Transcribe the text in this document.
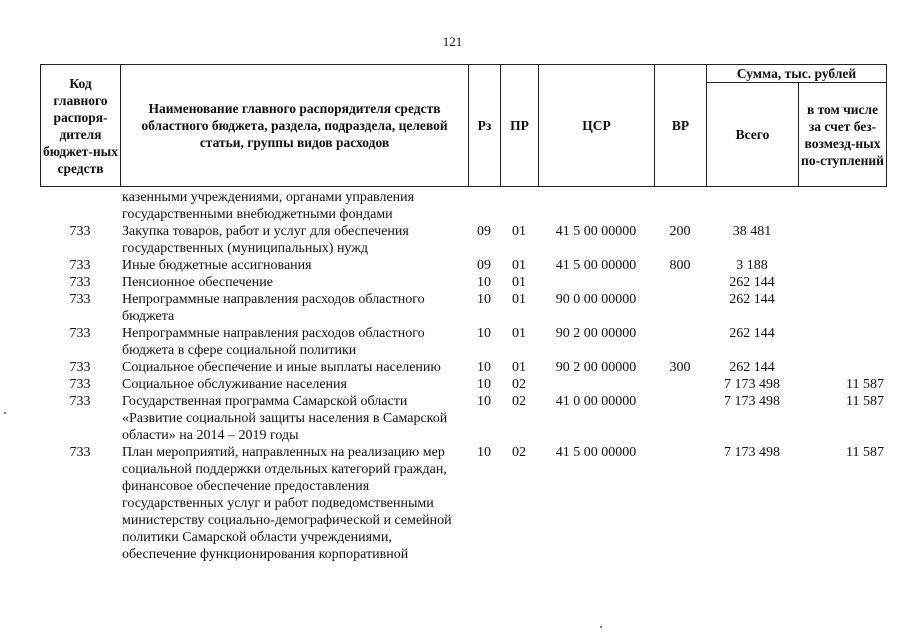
121
Код главного распоря-дителя бюджет-ных средств	Наименование главного распорядителя средств областного бюджета, раздела, подраздела, целевой статьи, группы видов расходов	Рз	ПР	ЦСР	ВР	Сумма, тыс. рублей	
						Всего	в том числе за счет без-возмезд-ных по-ступлений
	казенными учреждениями, органами управления государственными внебюджетными фондами						
733	Закупка товаров, работ и услуг для обеспечения государственных (муниципальных) нужд	09	01	41 5 00 00000	200	38 481	
733	Иные бюджетные ассигнования	09	01	41 5 00 00000	800	3 188	
733	Пенсионное обеспечение	10	01			262 144	
733	Непрограммные направления расходов областного бюджета	10	01	90 0 00 00000		262 144	
733	Непрограммные направления расходов областного бюджета в сфере социальной политики	10	01	90 2 00 00000		262 144	
733	Социальное обеспечение и иные выплаты населению	10	01	90 2 00 00000	300	262 144	
733	Социальное обслуживание населения	10	02			7 173 498	11 587
733	Государственная программа Самарской области «Развитие социальной защиты населения в Самарской области» на 2014 – 2019 годы	10	02	41 0 00 00000		7 173 498	11 587
733	План мероприятий, направленных на реализацию мер социальной поддержки отдельных категорий граждан, финансовое обеспечение предоставления государственных услуг и работ подведомственными министерству социально-демографической и семейной политики Самарской области учреждениями, обеспечение функционирования корпоративной	10	02	41 5 00 00000		7 173 498	11 587
